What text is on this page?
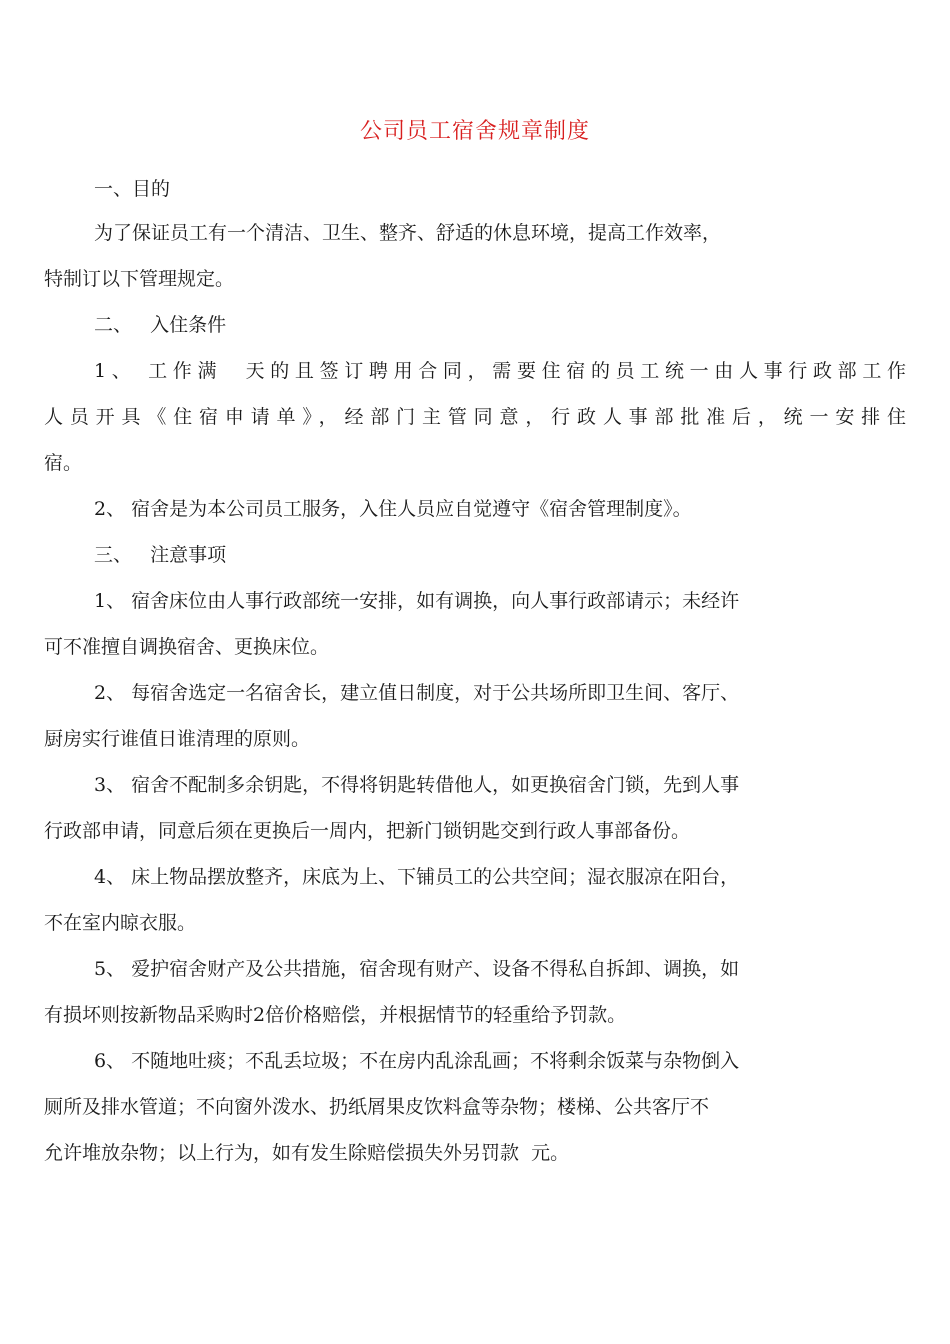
公司员工宿舍规章制度
一、目的
为了保证员工有一个清洁、卫生、整齐、舒适的休息环境，提高工作效率，
特制订以下管理规定。
二、   入住条件
1、 工作满  天的且签订聘用合同，需要住宿的员工统一由人事行政部工作
人员开具《住宿申请单》，经部门主管同意，行政人事部批准后，统一安排住
宿。
2、 宿舍是为本公司员工服务，入住人员应自觉遵守《宿舍管理制度》。
三、   注意事项
1、 宿舍床位由人事行政部统一安排，如有调换，向人事行政部请示；未经许
可不准擅自调换宿舍、更换床位。
2、 每宿舍选定一名宿舍长，建立值日制度，对于公共场所即卫生间、客厅、
厨房实行谁值日谁清理的原则。
3、 宿舍不配制多余钥匙，不得将钥匙转借他人，如更换宿舍门锁，先到人事
行政部申请，同意后须在更换后一周内，把新门锁钥匙交到行政人事部备份。
4、 床上物品摆放整齐，床底为上、下铺员工的公共空间；湿衣服凉在阳台，
不在室内晾衣服。
5、 爱护宿舍财产及公共措施，宿舍现有财产、设备不得私自拆卸、调换，如
有损坏则按新物品采购时2倍价格赔偿，并根据情节的轻重给予罚款。
6、 不随地吐痰；不乱丢垃圾；不在房内乱涂乱画；不将剩余饭菜与杂物倒入
厕所及排水管道；不向窗外泼水、扔纸屑果皮饮料盒等杂物；楼梯、公共客厅不
允许堆放杂物；以上行为，如有发生除赔偿损失外另罚款  元。
